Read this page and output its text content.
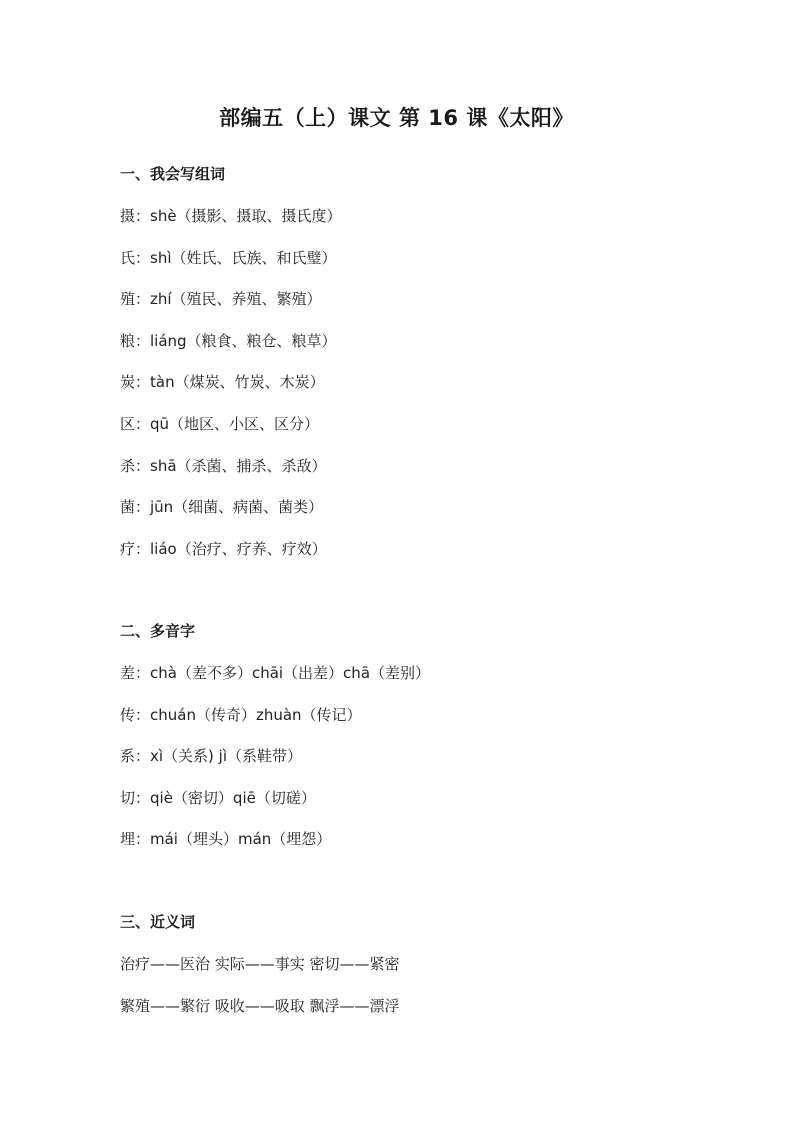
部编五（上）课文 第 16 课《太阳》
一、我会写组词
摄：shè（摄影、摄取、摄氏度）
氏：shì（姓氏、氏族、和氏璧）
殖：zhí（殖民、养殖、繁殖）
粮：liáng（粮食、粮仓、粮草）
炭：tàn（煤炭、竹炭、木炭）
区：qū（地区、小区、区分）
杀：shā（杀菌、捕杀、杀敌）
菌：jūn（细菌、病菌、菌类）
疗：liáo（治疗、疗养、疗效）
二、多音字
差：chà（差不多）chāi（出差）chā（差别）
传：chuán（传奇）zhuàn（传记）
系：xì（关系) jì（系鞋带）
切：qiè（密切）qiē（切磋）
埋：mái（埋头）mán（埋怨）
三、近义词
治疗——医治 实际——事实 密切——紧密
繁殖——繁衍 吸收——吸取 飘浮——漂浮
